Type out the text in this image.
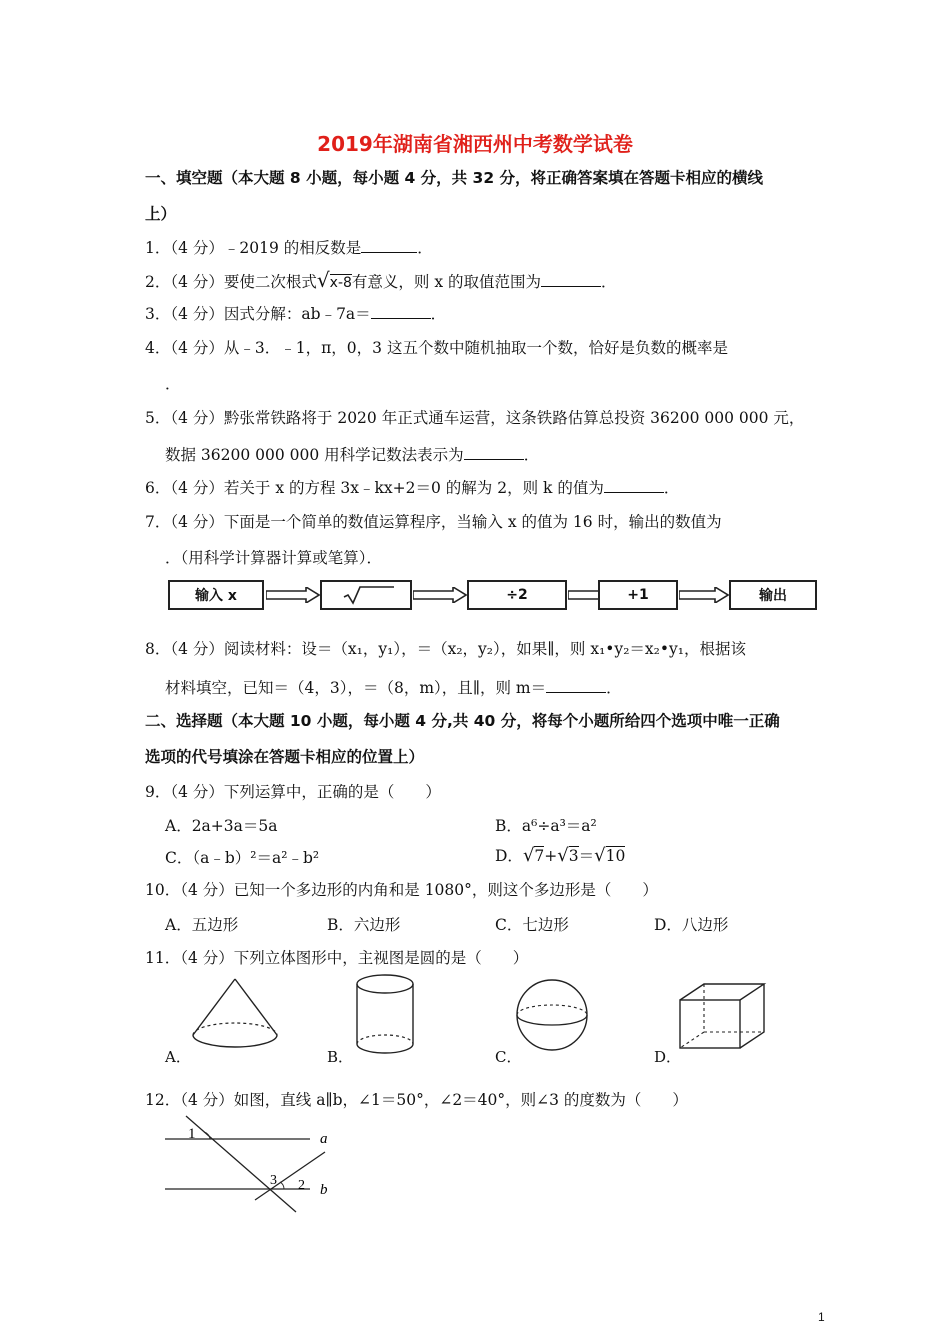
2019年湖南省湘西州中考数学试卷
一、填空题（本大题 8 小题，每小题 4 分，共 32 分，将正确答案填在答题卡相应的横线
上）
1．（4 分）﹣2019 的相反数是	．
2．（4 分）要使二次根式√x-8有意义，则 x 的取值范围为	．
3．（4 分）因式分解：ab﹣7a＝	．
4．（4 分）从﹣3．﹣1，π，0，3 这五个数中随机抽取一个数，恰好是负数的概率是
．
5．（4 分）黔张常铁路将于 2020 年正式通车运营，这条铁路估算总投资 36200 000 000 元，
数据 36200 000 000 用科学记数法表示为	．
6．（4 分）若关于 x 的方程 3x﹣kx+2＝0 的解为 2，则 k 的值为	．
7．（4 分）下面是一个简单的数值运算程序，当输入 x 的值为 16 时，输出的数值为
．（用科学计算器计算或笔算）．
输入 x	÷2	+1	输出
8．（4 分）阅读材料：设＝（x₁，y₁），＝（x₂，y₂），如果∥，则 x₁•y₂＝x₂•y₁，根据该
材料填空，已知＝（4，3），＝（8，m），且∥，则 m＝	．
二、选择题（本大题 10 小题，每小题 4 分,共 40 分，将每个小题所给四个选项中唯一正确
选项的代号填涂在答题卡相应的位置上）
9．（4 分）下列运算中，正确的是（　　）
A．2a+3a＝5a	B．a⁶÷a³＝a²
C．（a﹣b）²＝a²﹣b²	D．√7+√3＝√10
10．（4 分）已知一个多边形的内角和是 1080°，则这个多边形是（　　）
A．五边形	B．六边形	C．七边形	D．八边形
11．（4 分）下列立体图形中，主视图是圆的是（　　）
A．	B．	C．	D．
12．（4 分）如图，直线 a∥b，∠1＝50°，∠2＝40°，则∠3 的度数为（　　）
1
3 2
a
b
1
